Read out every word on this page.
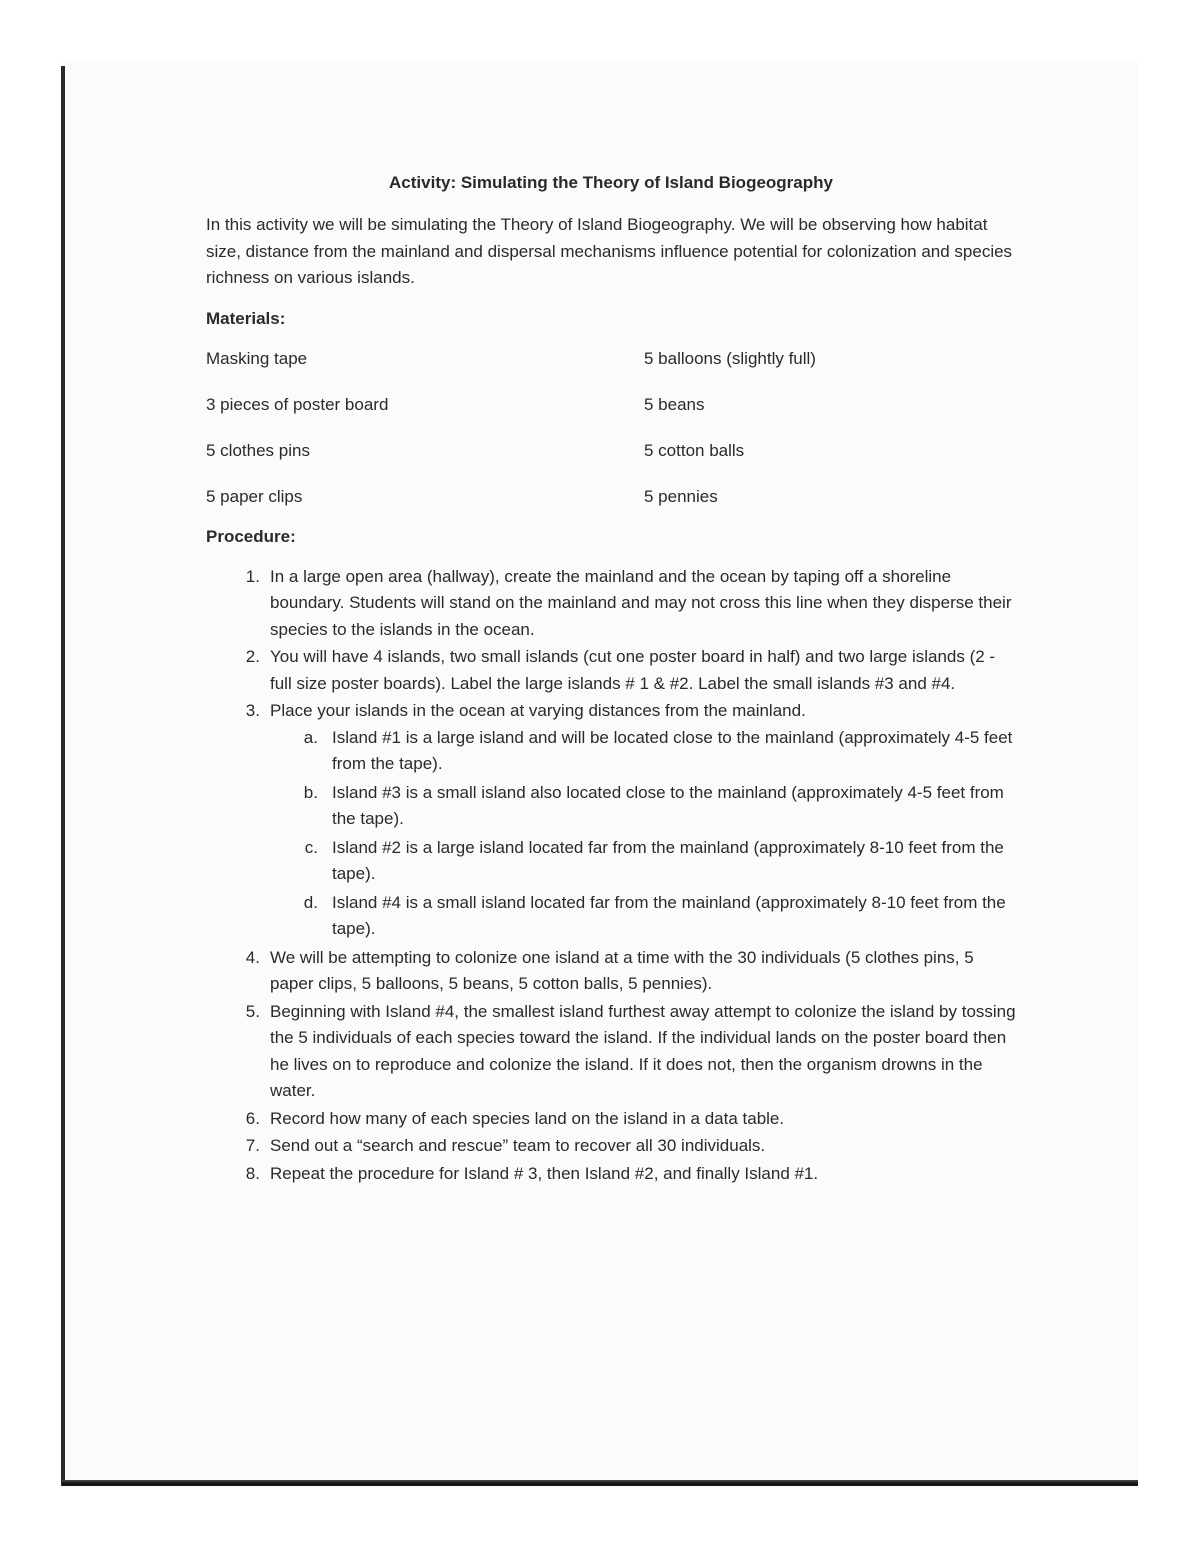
Activity: Simulating the Theory of Island Biogeography

In this activity we will be simulating the Theory of Island Biogeography. We will be observing how habitat size, distance from the mainland and dispersal mechanisms influence potential for colonization and species richness on various islands.

Materials:
Masking tape	5 balloons (slightly full)
3 pieces of poster board	5 beans
5 clothes pins	5 cotton balls
5 paper clips	5 pennies
Procedure:
In a large open area (hallway), create the mainland and the ocean by taping off a shoreline boundary. Students will stand on the mainland and may not cross this line when they disperse their species to the islands in the ocean.
You will have 4 islands, two small islands (cut one poster board in half) and two large islands (2 - full size poster boards). Label the large islands # 1 & #2. Label the small islands #3 and #4.
Place your islands in the ocean at varying distances from the mainland.
Island #1 is a large island and will be located close to the mainland (approximately 4-5 feet from the tape).
Island #3 is a small island also located close to the mainland (approximately 4-5 feet from the tape).
Island #2 is a large island located far from the mainland (approximately 8-10 feet from the tape).
Island #4 is a small island located far from the mainland (approximately 8-10 feet from the tape).
We will be attempting to colonize one island at a time with the 30 individuals (5 clothes pins, 5 paper clips, 5 balloons, 5 beans, 5 cotton balls, 5 pennies).
Beginning with Island #4, the smallest island furthest away attempt to colonize the island by tossing the 5 individuals of each species toward the island. If the individual lands on the poster board then he lives on to reproduce and colonize the island. If it does not, then the organism drowns in the water.
Record how many of each species land on the island in a data table.
Send out a “search and rescue” team to recover all 30 individuals.
Repeat the procedure for Island # 3, then Island #2, and finally Island #1.
